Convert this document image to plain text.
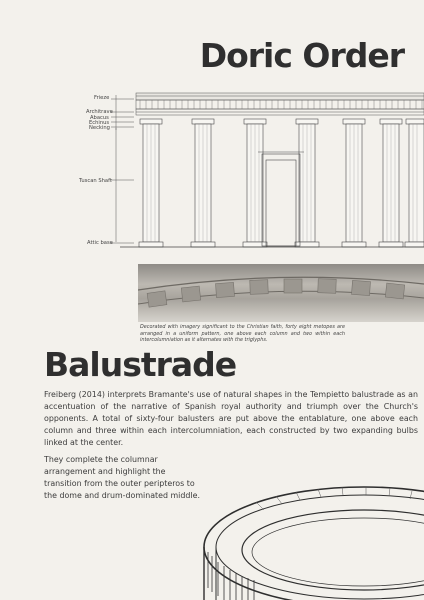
Doric Order
Frieze
Architrave
Abacus
Echinus
Necking
Tuscan Shaft
Attic base
Decorated with imagery significant to the Christian faith, forty eight metopes are arranged in a uniform pattern, one above each column and two within each intercolumniation as it alternates with the triglyphs.
Balustrade
Freiberg (2014) interprets Bramante's use of natural shapes in the Tempietto balustrade as an accentuation of the narrative of Spanish royal authority and triumph over the Church's opponents. A total of sixty-four balusters are put above the entablature, one above each column and three within each intercolumniation, each constructed by two expanding bulbs linked at the center.
They complete the columnar arrangement and highlight the transition from the outer peripteros to the dome and drum-dominated middle.
